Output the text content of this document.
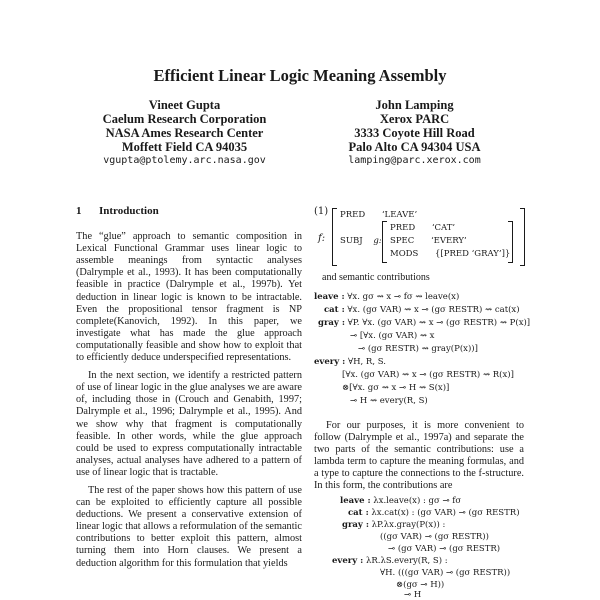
Efficient Linear Logic Meaning Assembly
Vineet Gupta
Caelum Research Corporation
NASA Ames Research Center
Moffett Field CA 94035
vgupta@ptolemy.arc.nasa.gov
John Lamping
Xerox PARC
3333 Coyote Hill Road
Palo Alto CA 94304 USA
lamping@parc.xerox.com
1 Introduction

The “glue” approach to semantic composition in Lexical Functional Grammar uses linear logic to assemble meanings from syntactic analyses (Dalrymple et al., 1993). It has been computationally feasible in practice (Dalrymple et al., 1997b). Yet deduction in linear logic is known to be intractable. Even the propositional tensor fragment is NP complete(Kanovich, 1992). In this paper, we investigate what has made the glue approach computationally feasible and show how to exploit that to efficiently deduce underspecified representations.

In the next section, we identify a restricted pattern of use of linear logic in the glue analyses we are aware of, including those in (Crouch and Genabith, 1997; Dalrymple et al., 1996; Dalrymple et al., 1995). And we show why that fragment is computationally feasible. In other words, while the glue approach could be used to express computationally intractable analyses, actual analyses have adhered to a pattern of use of linear logic that is tractable.

The rest of the paper shows how this pattern of use can be exploited to efficiently capture all possible deductions. We present a conservative extension of linear logic that allows a reformulation of the semantic contributions to better exploit this pattern, almost turning them into Horn clauses. We present a deduction algorithm for this formulation that yields

(1)
f:
PRED ‘LEAVE’
SUBJ g:
PRED ‘CAT’
SPEC ‘EVERY’
MODS {[PRED ‘GRAY’]}
and semantic contributions
leave : ∀x. gσ ⇝ x ⊸ fσ ⇝ leave(x)
cat : ∀x. (gσ VAR) ⇝ x ⊸ (gσ RESTR) ⇝ cat(x)
gray : ∀P. ∀x. (gσ VAR) ⇝ x ⊸ (gσ RESTR) ⇝ P(x)]
⊸ [∀x. (gσ VAR) ⇝ x
⊸ (gσ RESTR) ⇝ gray(P(x))]
every : ∀H, R, S.
[∀x. (gσ VAR) ⇝ x ⊸ (gσ RESTR) ⇝ R(x)]
⊗[∀x. gσ ⇝ x ⊸ H ⇝ S(x)]
⊸ H ⇝ every(R, S)

For our purposes, it is more convenient to follow (Dalrymple et al., 1997a) and separate the two parts of the semantic contributions: use a lambda term to capture the meaning formulas, and a type to capture the connections to the f-structure. In this form, the contributions are

leave : λx.leave(x) : gσ ⊸ fσ
cat : λx.cat(x) : (gσ VAR) ⊸ (gσ RESTR)
gray : λP.λx.gray(P(x)) :
((gσ VAR) ⊸ (gσ RESTR))
⊸ (gσ VAR) ⊸ (gσ RESTR)
every : λR.λS.every(R, S) :
∀H. (((gσ VAR) ⊸ (gσ RESTR))
⊗(gσ ⊸ H))
⊸ H
